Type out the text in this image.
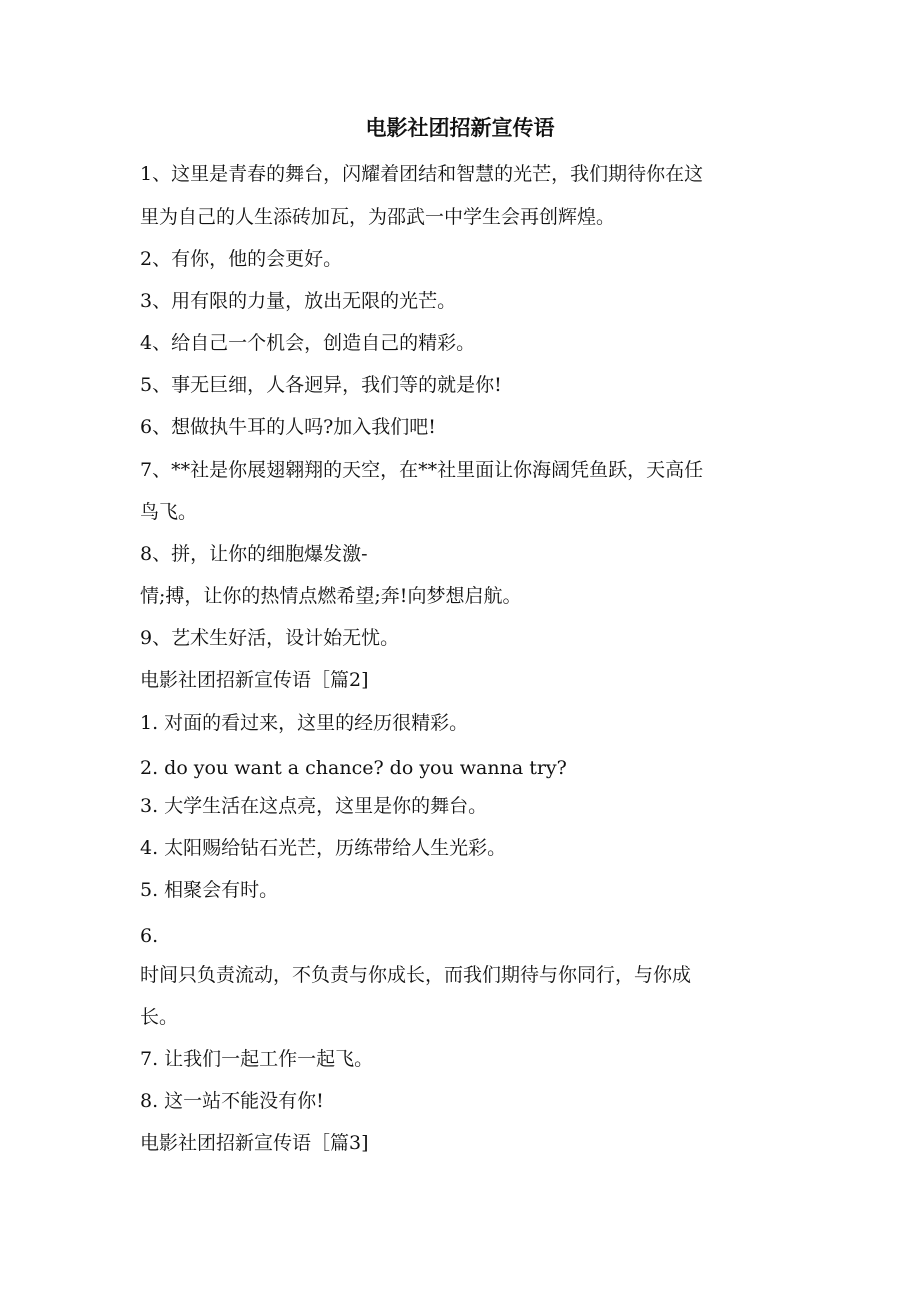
电影社团招新宣传语
1、这里是青春的舞台，闪耀着团结和智慧的光芒，我们期待你在这
里为自己的人生添砖加瓦，为邵武一中学生会再创辉煌。
2、有你，他的会更好。
3、用有限的力量，放出无限的光芒。
4、给自己一个机会，创造自己的精彩。
5、事无巨细，人各迥异，我们等的就是你!
6、想做执牛耳的人吗?加入我们吧!
7、**社是你展翅翱翔的天空，在**社里面让你海阔凭鱼跃，天高任
鸟飞。
8、拼，让你的细胞爆发激-
情;搏，让你的热情点燃希望;奔!向梦想启航。
9、艺术生好活，设计始无忧。
电影社团招新宣传语［篇2]
1. 对面的看过来，这里的经历很精彩。
2. do you want a chance? do you wanna try?
3. 大学生活在这点亮，这里是你的舞台。
4. 太阳赐给钻石光芒，历练带给人生光彩。
5. 相聚会有时。
6.
时间只负责流动，不负责与你成长，而我们期待与你同行，与你成
长。
7. 让我们一起工作一起飞。
8. 这一站不能没有你!
电影社团招新宣传语［篇3]
